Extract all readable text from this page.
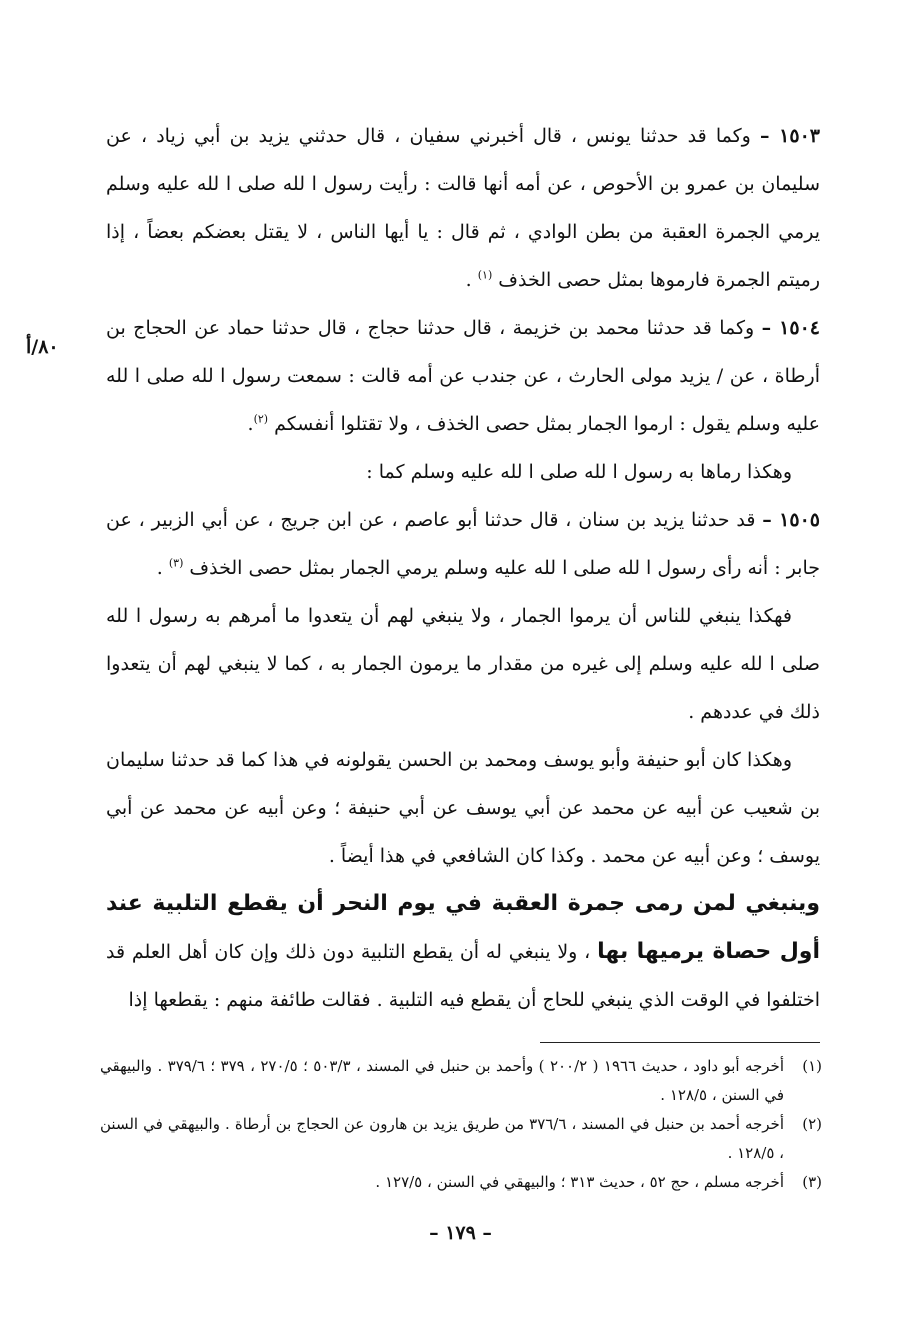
٨٠/أ

١٥٠٣ – وكما قد حدثنا يونس ، قال أخبرني سفيان ، قال حدثني يزيد بن أبي زياد ، عن سليمان بن عمرو بن الأحوص ، عن أمه أنها قالت : رأيت رسول ا لله صلى ا لله عليه وسلم يرمي الجمرة العقبة من بطن الوادي ، ثم قال : يا أيها الناس ، لا يقتل بعضكم بعضاً ، إذا رميتم الجمرة فارموها بمثل حصى الخذف $^{(١)}$ .

١٥٠٤ – وكما قد حدثنا محمد بن خزيمة ، قال حدثنا حجاج ، قال حدثنا حماد عن الحجاج بن أرطاة ، عن / يزيد مولى الحارث ، عن جندب عن أمه قالت : سمعت رسول ا لله صلى ا لله عليه وسلم يقول : ارموا الجمار بمثل حصى الخذف ، ولا تقتلوا أنفسكم $^{(٢)}$.

وهكذا رماها به رسول ا لله صلى ا لله عليه وسلم كما :

١٥٠٥ – قد حدثنا يزيد بن سنان ، قال حدثنا أبو عاصم ، عن ابن جريج ، عن أبي الزبير ، عن جابر : أنه رأى رسول ا لله صلى ا لله عليه وسلم يرمي الجمار بمثل حصى الخذف $^{(٣)}$ .

فهكذا ينبغي للناس أن يرموا الجمار ، ولا ينبغي لهم أن يتعدوا ما أمرهم به رسول ا لله صلى ا لله عليه وسلم إلى غيره من مقدار ما يرمون الجمار به ، كما لا ينبغي لهم أن يتعدوا ذلك في عددهم .

وهكذا كان أبو حنيفة وأبو يوسف ومحمد بن الحسن يقولونه في هذا كما قد حدثنا سليمان بن شعيب عن أبيه عن محمد عن أبي يوسف عن أبي حنيفة ؛ وعن أبيه عن محمد عن أبي يوسف ؛ وعن أبيه عن محمد . وكذا كان الشافعي في هذا أيضاً .

وينبغي لمن رمى جمرة العقبة في يوم النحر أن يقطع التلبية عند أول حصاة يرميها بها ، ولا ينبغي له أن يقطع التلبية دون ذلك وإن كان أهل العلم قد اختلفوا في الوقت الذي ينبغي للحاج أن يقطع فيه التلبية . فقالت طائفة منهم : يقطعها إذا

(١)
أخرجه أبو داود ، حديث ١٩٦٦ ( ٢٠٠/٢ ) وأحمد بن حنبل في المسند ، ٥٠٣/٣ ؛ ٢٧٠/٥ ، ٣٧٩ ؛ ٣٧٩/٦ . والبيهقي في السنن ، ١٢٨/٥ .
(٢)
أخرجه أحمد بن حنبل في المسند ، ٣٧٦/٦ من طريق يزيد بن هارون عن الحجاج بن أرطاة . والبيهقي في السنن ، ١٢٨/٥ .
(٣)
أخرجه مسلم ، حج ٥٢ ، حديث ٣١٣ ؛ والبيهقي في السنن ، ١٢٧/٥ .
– ١٧٩ –
